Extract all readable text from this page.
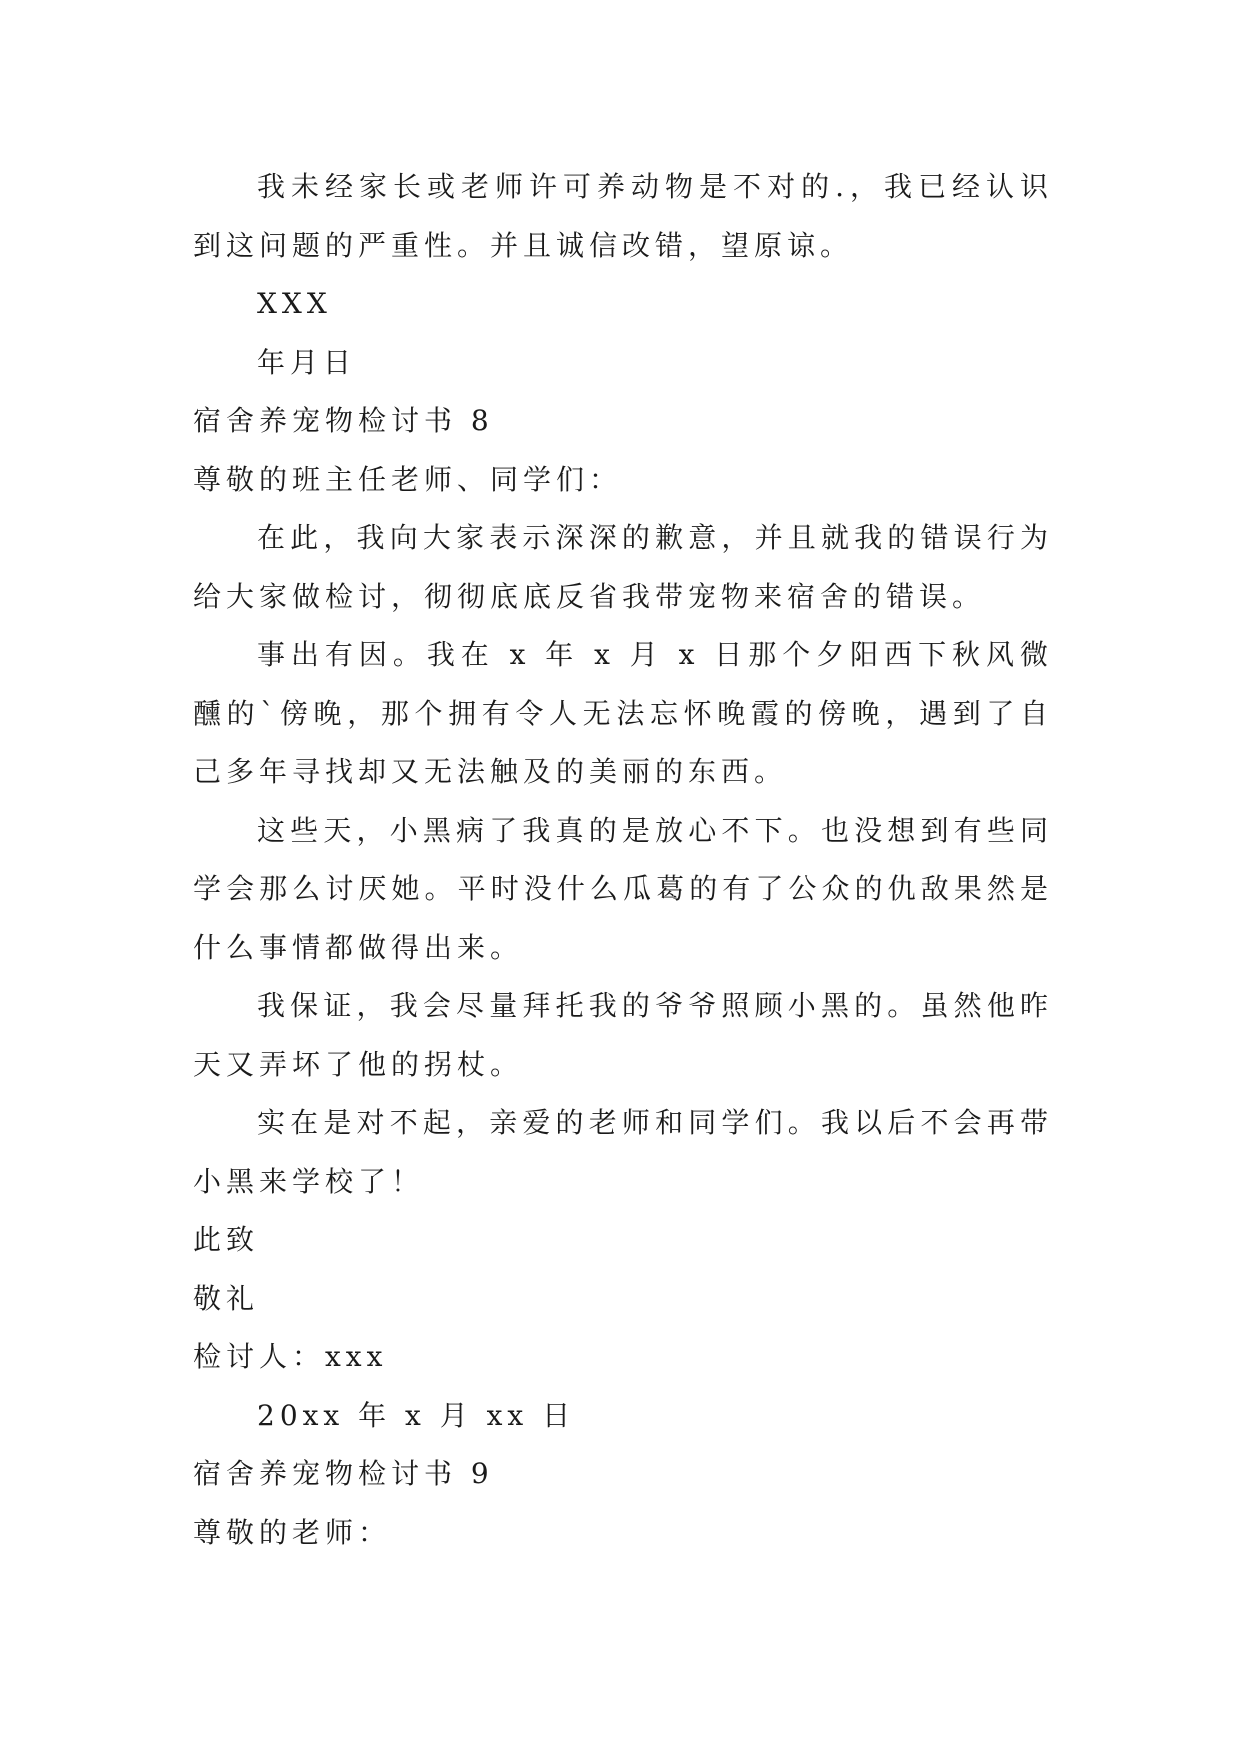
我未经家长或老师许可养动物是不对的.，我已经认识到这问题的严重性。并且诚信改错，望原谅。

XXX
年月日
宿舍养宠物检讨书 8
尊敬的班主任老师、同学们：

在此，我向大家表示深深的歉意，并且就我的错误行为给大家做检讨，彻彻底底反省我带宠物来宿舍的错误。

事出有因。我在 x 年 x 月 x 日那个夕阳西下秋风微醺的`傍晚，那个拥有令人无法忘怀晚霞的傍晚，遇到了自己多年寻找却又无法触及的美丽的东西。

这些天，小黑病了我真的是放心不下。也没想到有些同学会那么讨厌她。平时没什么瓜葛的有了公众的仇敌果然是什么事情都做得出来。

我保证，我会尽量拜托我的爷爷照顾小黑的。虽然他昨天又弄坏了他的拐杖。

实在是对不起，亲爱的老师和同学们。我以后不会再带小黑来学校了！

此致
敬礼
检讨人：xxx
20xx 年 x 月 xx 日
宿舍养宠物检讨书 9
尊敬的老师：
